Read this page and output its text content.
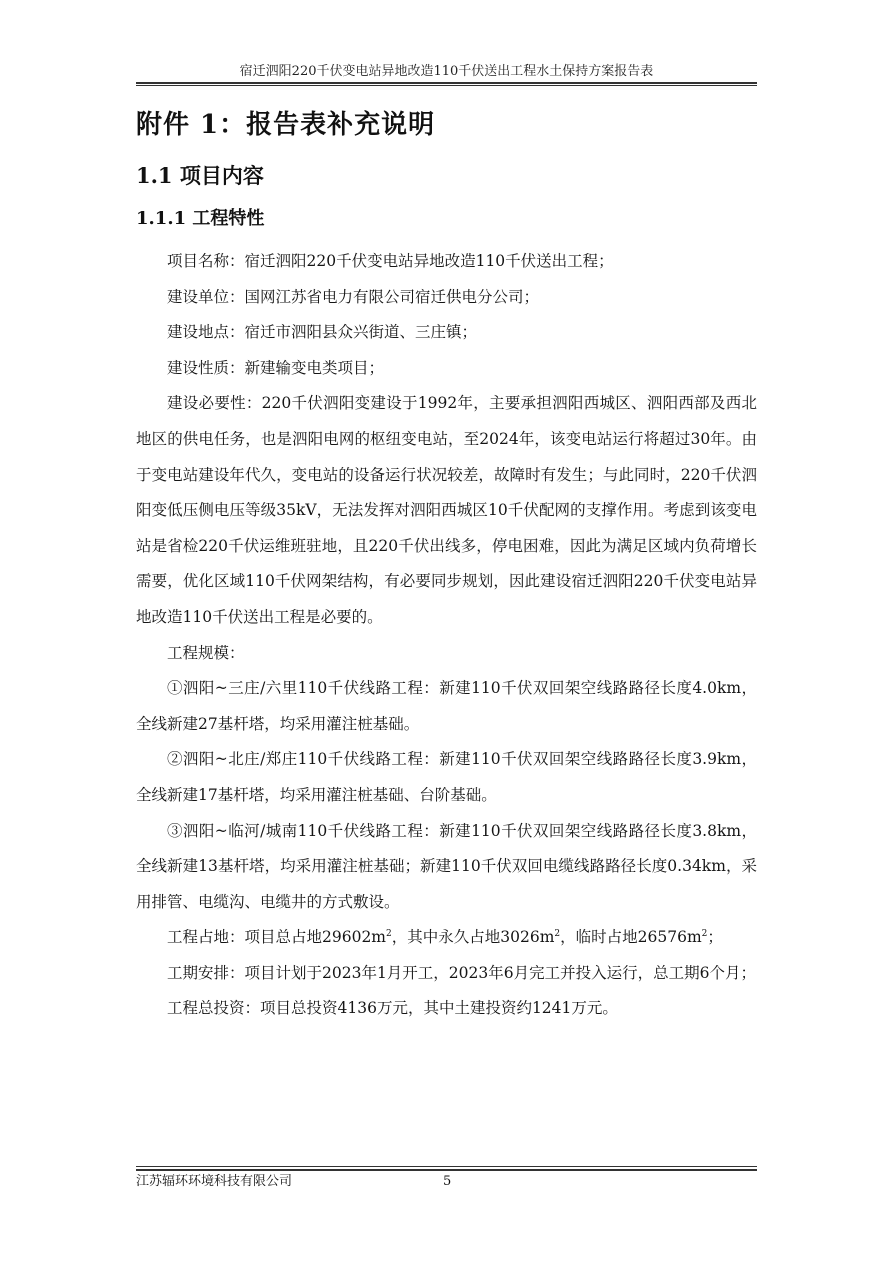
宿迁泗阳220千伏变电站异地改造110千伏送出工程水土保持方案报告表
附件 1：报告表补充说明
1.1 项目内容
1.1.1 工程特性

项目名称：宿迁泗阳220千伏变电站异地改造110千伏送出工程；

建设单位：国网江苏省电力有限公司宿迁供电分公司；

建设地点：宿迁市泗阳县众兴街道、三庄镇；

建设性质：新建输变电类项目；

建设必要性：220千伏泗阳变建设于1992年，主要承担泗阳西城区、泗阳西部及西北地区的供电任务，也是泗阳电网的枢纽变电站，至2024年，该变电站运行将超过30年。由于变电站建设年代久，变电站的设备运行状况较差，故障时有发生；与此同时，220千伏泗阳变低压侧电压等级35kV，无法发挥对泗阳西城区10千伏配网的支撑作用。考虑到该变电站是省检220千伏运维班驻地，且220千伏出线多，停电困难，因此为满足区域内负荷增长需要，优化区域110千伏网架结构，有必要同步规划，因此建设宿迁泗阳220千伏变电站异地改造110千伏送出工程是必要的。

工程规模：

①泗阳~三庄/六里110千伏线路工程：新建110千伏双回架空线路路径长度4.0km，全线新建27基杆塔，均采用灌注桩基础。

②泗阳~北庄/郑庄110千伏线路工程：新建110千伏双回架空线路路径长度3.9km，全线新建17基杆塔，均采用灌注桩基础、台阶基础。

③泗阳~临河/城南110千伏线路工程：新建110千伏双回架空线路路径长度3.8km，全线新建13基杆塔，均采用灌注桩基础；新建110千伏双回电缆线路路径长度0.34km，采用排管、电缆沟、电缆井的方式敷设。

工程占地：项目总占地$29602m^2$，其中永久占地$3026m^2$，临时占地$26576m^2$；

工期安排：项目计划于2023年1月开工，2023年6月完工并投入运行，总工期6个月；

工程总投资：项目总投资4136万元，其中土建投资约1241万元。

江苏辐环环境科技有限公司	5
